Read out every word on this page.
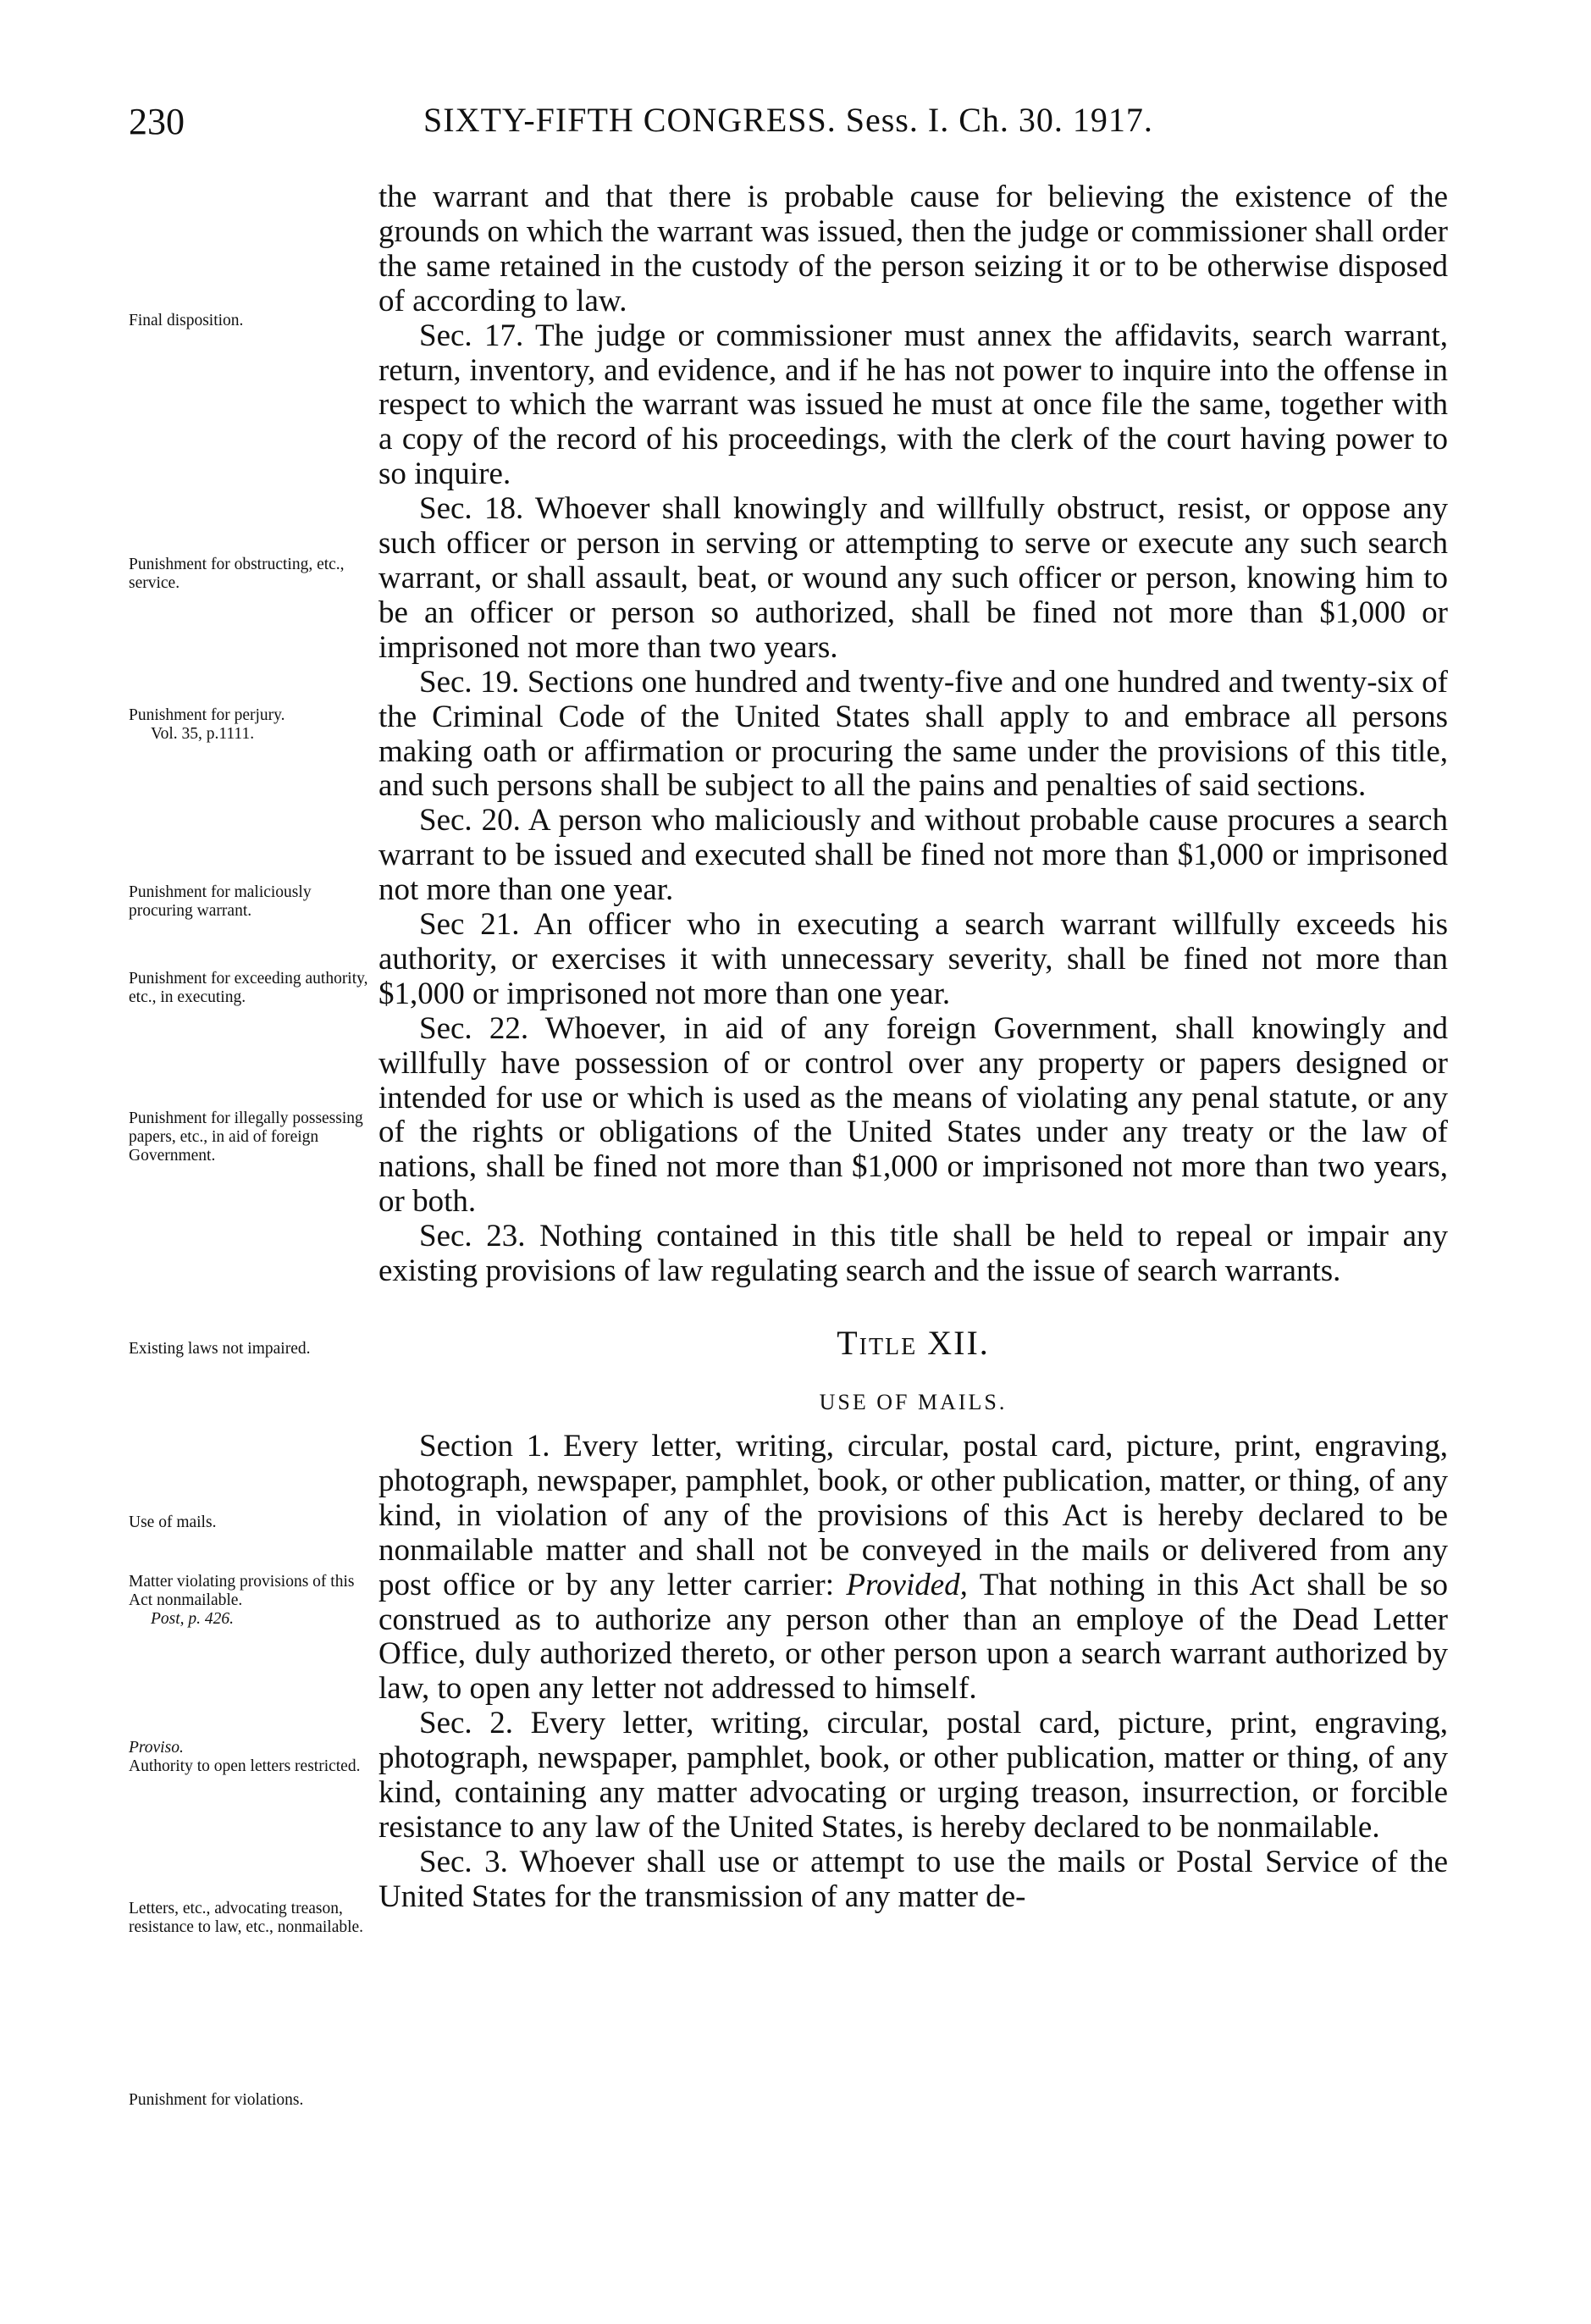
230	SIXTY-FIFTH CONGRESS. Sess. I. Ch. 30. 1917.

the warrant and that there is probable cause for believing the existence of the grounds on which the warrant was issued, then the judge or commissioner shall order the same retained in the custody of the person seizing it or to be otherwise disposed of according to law.

Sec. 17. The judge or commissioner must annex the affidavits, search warrant, return, inventory, and evidence, and if he has not power to inquire into the offense in respect to which the warrant was issued he must at once file the same, together with a copy of the record of his proceedings, with the clerk of the court having power to so inquire.

Sec. 18. Whoever shall knowingly and willfully obstruct, resist, or oppose any such officer or person in serving or attempting to serve or execute any such search warrant, or shall assault, beat, or wound any such officer or person, knowing him to be an officer or person so authorized, shall be fined not more than $1,000 or imprisoned not more than two years.

Sec. 19. Sections one hundred and twenty-five and one hundred and twenty-six of the Criminal Code of the United States shall apply to and embrace all persons making oath or affirmation or procuring the same under the provisions of this title, and such persons shall be subject to all the pains and penalties of said sections.

Sec. 20. A person who maliciously and without probable cause procures a search warrant to be issued and executed shall be fined not more than $1,000 or imprisoned not more than one year.

Sec 21. An officer who in executing a search warrant willfully exceeds his authority, or exercises it with unnecessary severity, shall be fined not more than $1,000 or imprisoned not more than one year.

Sec. 22. Whoever, in aid of any foreign Government, shall knowingly and willfully have possession of or control over any property or papers designed or intended for use or which is used as the means of violating any penal statute, or any of the rights or obligations of the United States under any treaty or the law of nations, shall be fined not more than $1,000 or imprisoned not more than two years, or both.

Sec. 23. Nothing contained in this title shall be held to repeal or impair any existing provisions of law regulating search and the issue of search warrants.

Title XII.
USE OF MAILS.

Section 1. Every letter, writing, circular, postal card, picture, print, engraving, photograph, newspaper, pamphlet, book, or other publication, matter, or thing, of any kind, in violation of any of the provisions of this Act is hereby declared to be nonmailable matter and shall not be conveyed in the mails or delivered from any post office or by any letter carrier: Provided, That nothing in this Act shall be so construed as to authorize any person other than an employe of the Dead Letter Office, duly authorized thereto, or other person upon a search warrant authorized by law, to open any letter not addressed to himself.

Sec. 2. Every letter, writing, circular, postal card, picture, print, engraving, photograph, newspaper, pamphlet, book, or other publication, matter or thing, of any kind, containing any matter advocating or urging treason, insurrection, or forcible resistance to any law of the United States, is hereby declared to be nonmailable.

Sec. 3. Whoever shall use or attempt to use the mails or Postal Service of the United States for the transmission of any matter de-

Final disposition.
Punishment for obstructing, etc., service.
Punishment for perjury.
Vol. 35, p.1111.
Punishment for maliciously procuring warrant.
Punishment for exceeding authority, etc., in executing.
Punishment for illegally possessing papers, etc., in aid of foreign Government.
Existing laws not impaired.
Use of mails.
Matter violating provisions of this Act nonmailable.
Post, p. 426.
Proviso.
Authority to open letters restricted.
Letters, etc., advocating treason, resistance to law, etc., nonmailable.
Punishment for violations.
